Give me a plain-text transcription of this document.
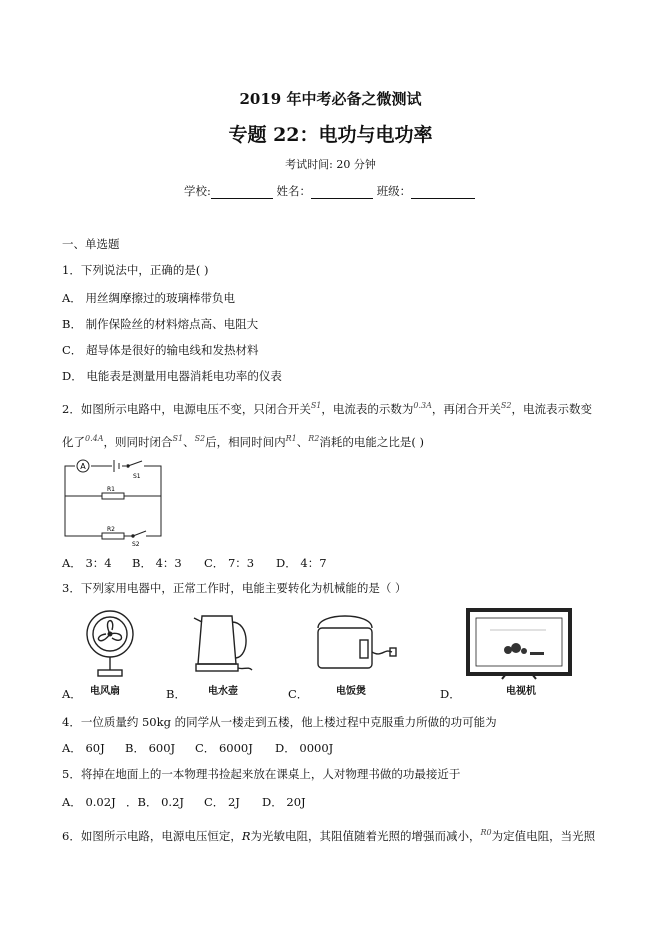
2019 年中考必备之微测试
专题 22：电功与电功率
考试时间: 20 分钟
学校:	姓名：	班级：
一、单选题
1．下列说法中，正确的是( )
A． 用丝绸摩擦过的玻璃棒带负电
B． 制作保险丝的材料熔点高、电阻大
C． 超导体是很好的输电线和发热材料
D． 电能表是测量用电器消耗电功率的仪表
2．如图所示电路中，电源电压不变，只闭合开关$^{S1}$，电流表的示数为$^{0.3A}$，再闭合开关$^{S2}$，电流表示数变
化了$^{0.4A}$，则同时闭合$^{S1}$、$^{S2}$后，相同时间内$^{R1}$、$^{R2}$消耗的电能之比是( )
A
S1
R1
R2
S2
A． 3：4 B． 4：3 C． 7：3 D． 4：7
3．下列家用电器中，正常工作时，电能主要转化为机械能的是（ ）
A． 电风扇	B． 电水壶	C．	电饭煲	D．	电视机
4．一位质量约 50kg 的同学从一楼走到五楼，他上楼过程中克服重力所做的功可能为
A． 60J B． 600J C． 6000J D． 0000J
5．将掉在地面上的一本物理书捡起来放在课桌上，人对物理书做的功最接近于
A． 0.02J ．B． 0.2J C． 2J D． 20J
6．如图所示电路，电源电压恒定，R为光敏电阻，其阻值随着光照的增强而减小，$^{R0}$为定值电阻，当光照
